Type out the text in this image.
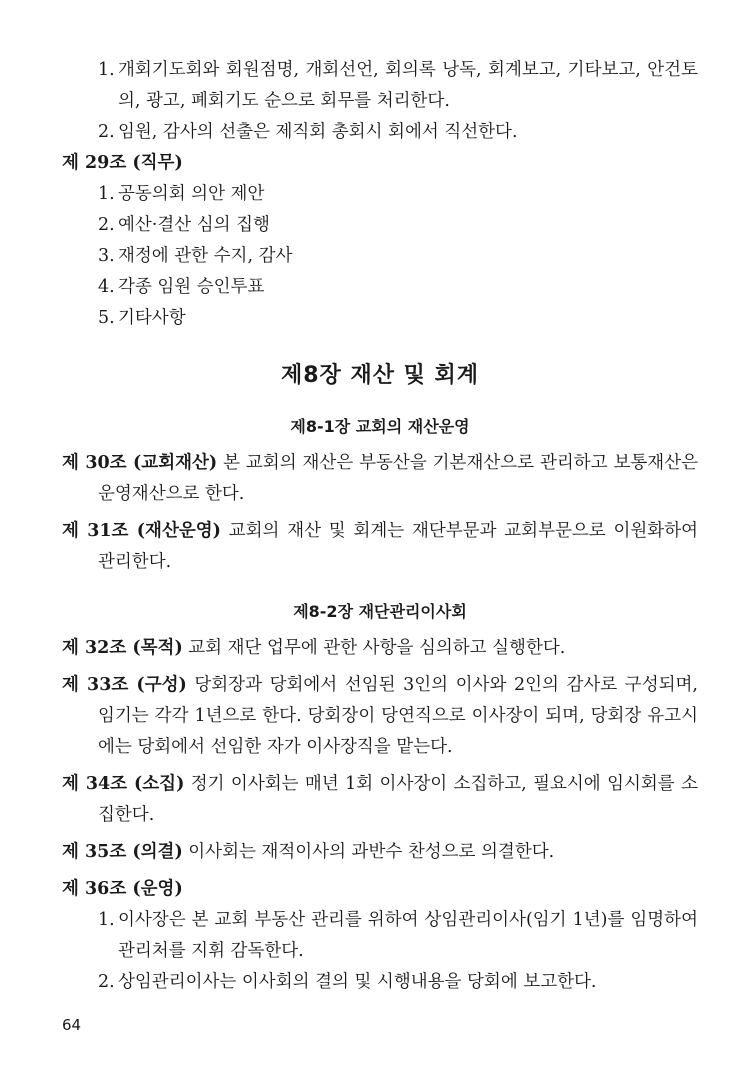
1. 개회기도회와 회원점명, 개회선언, 회의록 낭독, 회계보고, 기타보고, 안건토의, 광고, 폐회기도 순으로 회무를 처리한다.
2. 임원, 감사의 선출은 제직회 총회시 회에서 직선한다.
제 29조 (직무)
1. 공동의회 의안 제안
2. 예산·결산 심의 집행
3. 재정에 관한 수지, 감사
4. 각종 임원 승인투표
5. 기타사항
제8장 재산 및 회계
제8-1장 교회의 재산운영
제 30조 (교회재산) 본 교회의 재산은 부동산을 기본재산으로 관리하고 보통재산은 운영재산으로 한다.
제 31조 (재산운영) 교회의 재산 및 회계는 재단부문과 교회부문으로 이원화하여 관리한다.
제8-2장 재단관리이사회
제 32조 (목적) 교회 재단 업무에 관한 사항을 심의하고 실행한다.
제 33조 (구성) 당회장과 당회에서 선임된 3인의 이사와 2인의 감사로 구성되며, 임기는 각각 1년으로 한다. 당회장이 당연직으로 이사장이 되며, 당회장 유고시에는 당회에서 선임한 자가 이사장직을 맡는다.
제 34조 (소집) 정기 이사회는 매년 1회 이사장이 소집하고, 필요시에 임시회를 소집한다.
제 35조 (의결) 이사회는 재적이사의 과반수 찬성으로 의결한다.
제 36조 (운영)
1. 이사장은 본 교회 부동산 관리를 위하여 상임관리이사(임기 1년)를 임명하여 관리처를 지휘 감독한다.
2. 상임관리이사는 이사회의 결의 및 시행내용을 당회에 보고한다.
64
